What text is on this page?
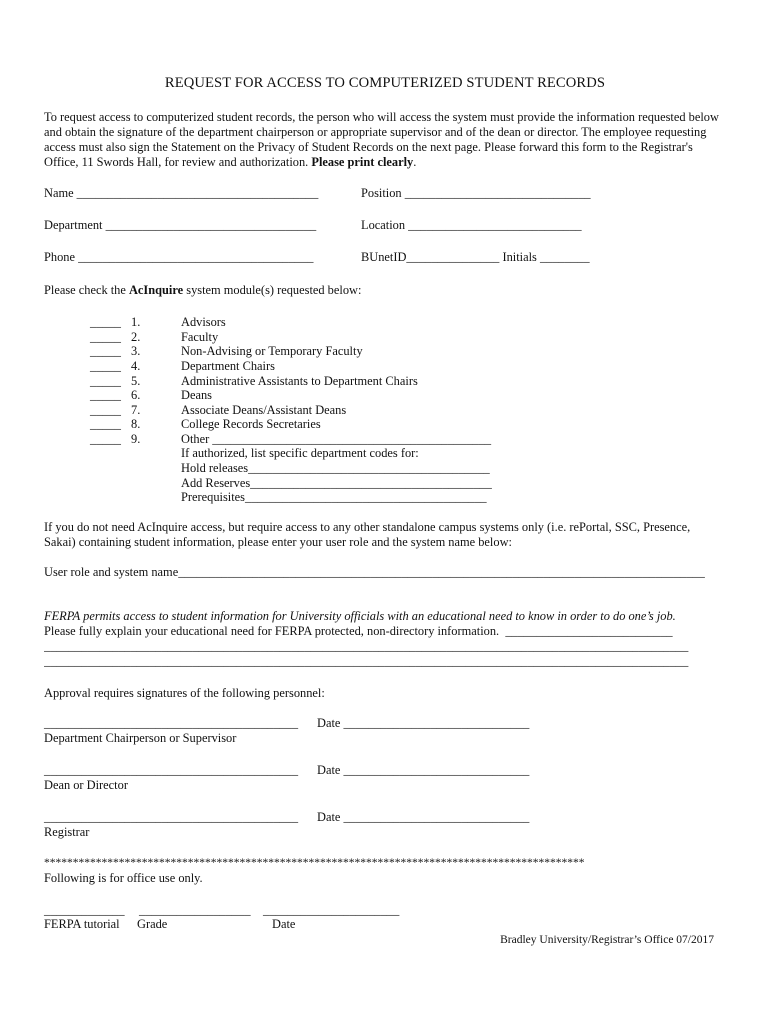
REQUEST FOR ACCESS TO COMPUTERIZED STUDENT RECORDS
To request access to computerized student records, the person who will access the system must provide the information requested below and obtain the signature of the department chairperson or appropriate supervisor and of the dean or director. The employee requesting access must also sign the Statement on the Privacy of Student Records on the next page. Please forward this form to the Registrar's Office, 11 Swords Hall, for review and authorization. Please print clearly.
Name _______________________________________	Position ______________________________
Department __________________________________	Location ____________________________
Phone ______________________________________	BUnetID_______________ Initials ________
Please check the AcInquire system module(s) requested below:
_____ 1.	Advisors
_____ 2.	Faculty
_____ 3.	Non-Advising or Temporary Faculty
_____ 4.	Department Chairs
_____ 5.	Administrative Assistants to Department Chairs
_____ 6.	Deans
_____ 7.	Associate Deans/Assistant Deans
_____ 8.	College Records Secretaries
_____ 9.	Other _____________________________________________
If authorized, list specific department codes for:
Hold releases_______________________________________
Add Reserves_______________________________________
Prerequisites_______________________________________
If you do not need AcInquire access, but require access to any other standalone campus systems only (i.e. rePortal, SSC, Presence,
Sakai) containing student information, please enter your user role and the system name below:
User role and system name_____________________________________________________________________________________
FERPA permits access to student information for University officials with an educational need to know in order to do one’s job.
Please fully explain your educational need for FERPA protected, non-directory information.  ___________________________
________________________________________________________________________________________________________
________________________________________________________________________________________________________
Approval requires signatures of the following personnel:
_________________________________________ Date ______________________________
Department Chairperson or Supervisor
_________________________________________ Date ______________________________
Dean or Director
_________________________________________ Date ______________________________
Registrar
**********************************************************************************************
Following is for office use only.
_____________ __________________ ______________________
FERPA tutorial Grade	Date
Bradley University/Registrar’s Office 07/2017
